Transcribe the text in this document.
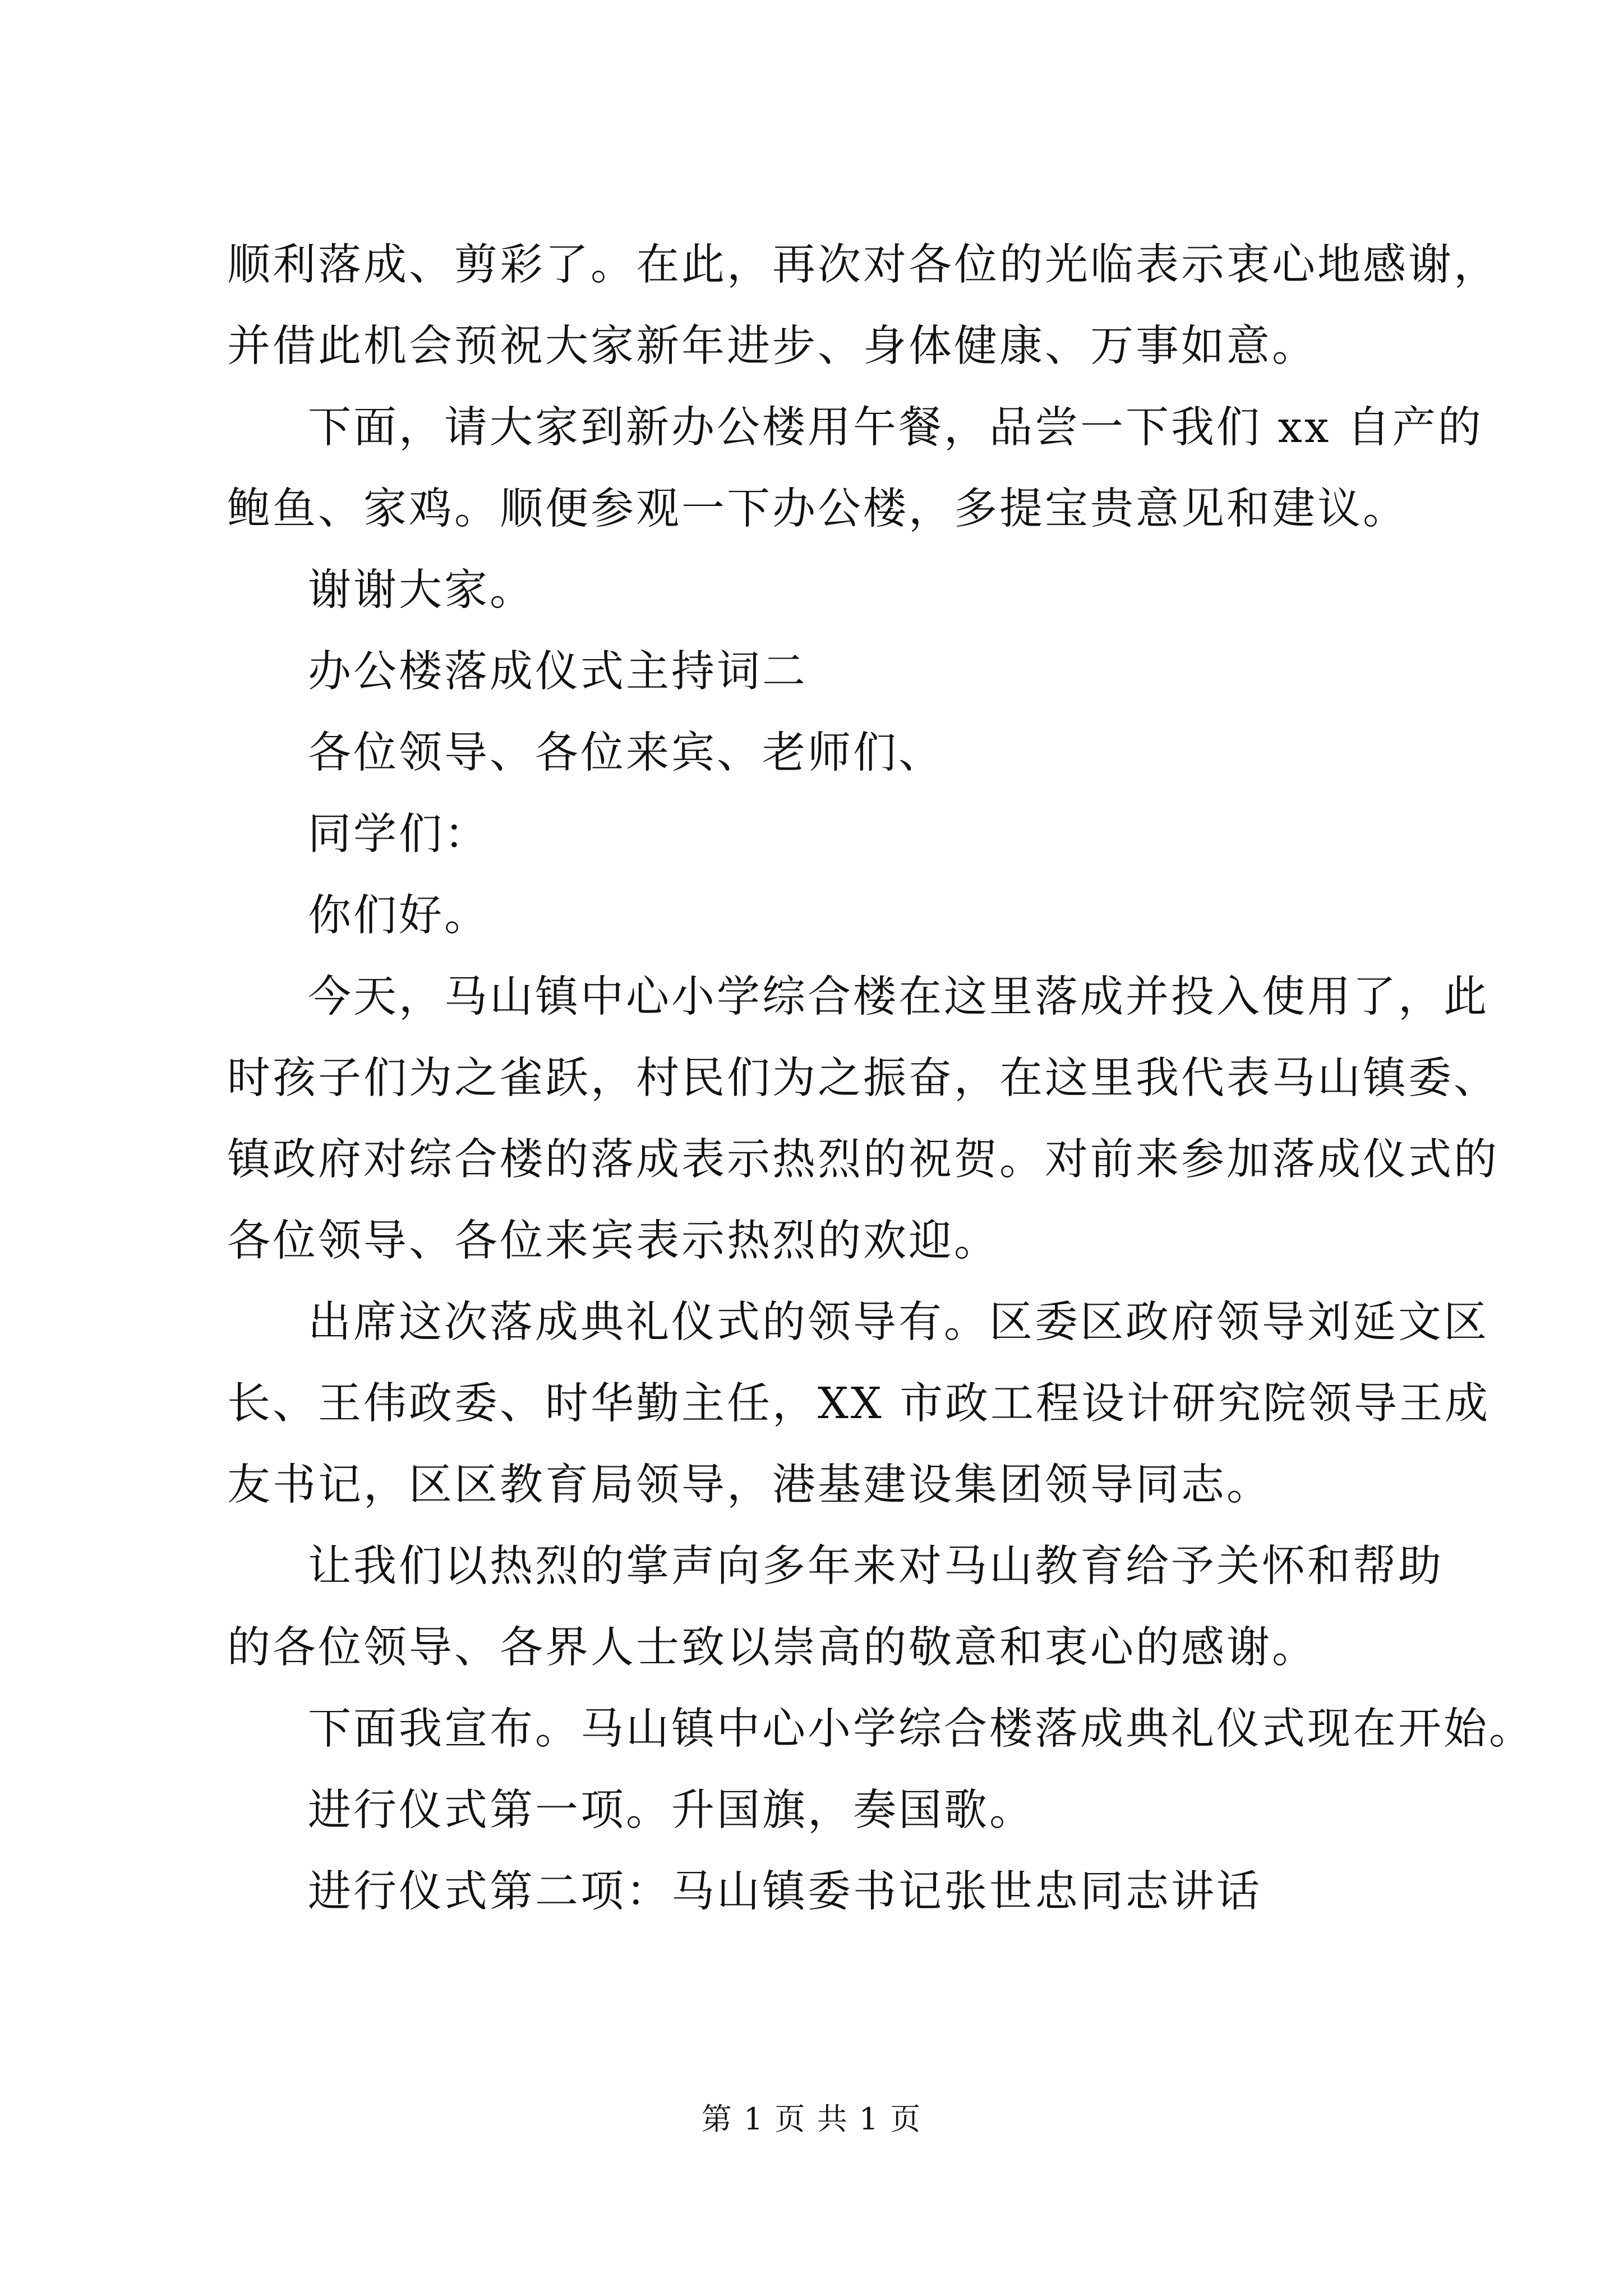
顺利落成、剪彩了。在此，再次对各位的光临表示衷心地感谢，
并借此机会预祝大家新年进步、身体健康、万事如意。
下面，请大家到新办公楼用午餐，品尝一下我们 xx 自产的
鲍鱼、家鸡。顺便参观一下办公楼，多提宝贵意见和建议。
谢谢大家。
办公楼落成仪式主持词二
各位领导、各位来宾、老师们、
同学们：
你们好。
今天，马山镇中心小学综合楼在这里落成并投入使用了，此
时孩子们为之雀跃，村民们为之振奋，在这里我代表马山镇委、
镇政府对综合楼的落成表示热烈的祝贺。对前来参加落成仪式的
各位领导、各位来宾表示热烈的欢迎。
出席这次落成典礼仪式的领导有。区委区政府领导刘延文区
长、王伟政委、时华勤主任，XX 市政工程设计研究院领导王成
友书记，区区教育局领导，港基建设集团领导同志。
让我们以热烈的掌声向多年来对马山教育给予关怀和帮助
的各位领导、各界人士致以崇高的敬意和衷心的感谢。
下面我宣布。马山镇中心小学综合楼落成典礼仪式现在开始。
进行仪式第一项。升国旗，奏国歌。
进行仪式第二项：马山镇委书记张世忠同志讲话
第 1 页 共 1 页
